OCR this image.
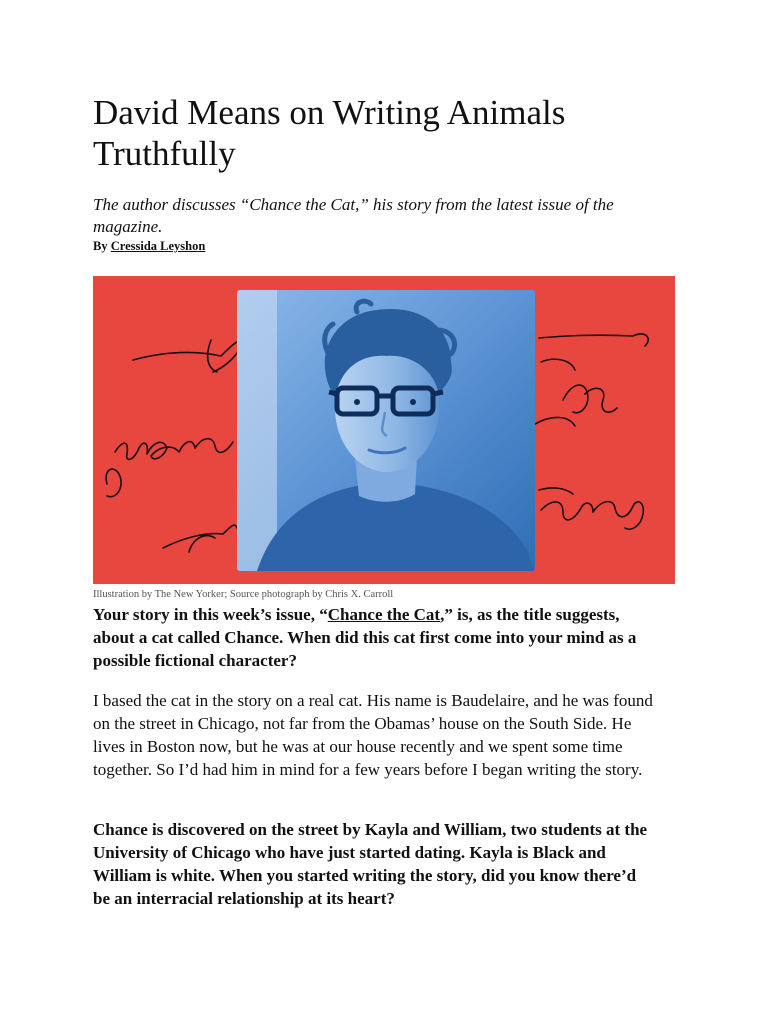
David Means on Writing Animals Truthfully

The author discusses “Chance the Cat,” his story from the latest issue of the magazine.

By Cressida Leyshon

Illustration by The New Yorker; Source photograph by Chris X. Carroll

Your story in this week’s issue, “Chance the Cat,” is, as the title suggests, about a cat called Chance. When did this cat first come into your mind as a possible fictional character?

I based the cat in the story on a real cat. His name is Baudelaire, and he was found on the street in Chicago, not far from the Obamas’ house on the South Side. He lives in Boston now, but he was at our house recently and we spent some time together. So I’d had him in mind for a few years before I began writing the story.

Chance is discovered on the street by Kayla and William, two students at the University of Chicago who have just started dating. Kayla is Black and William is white. When you started writing the story, did you know there’d be an interracial relationship at its heart?
